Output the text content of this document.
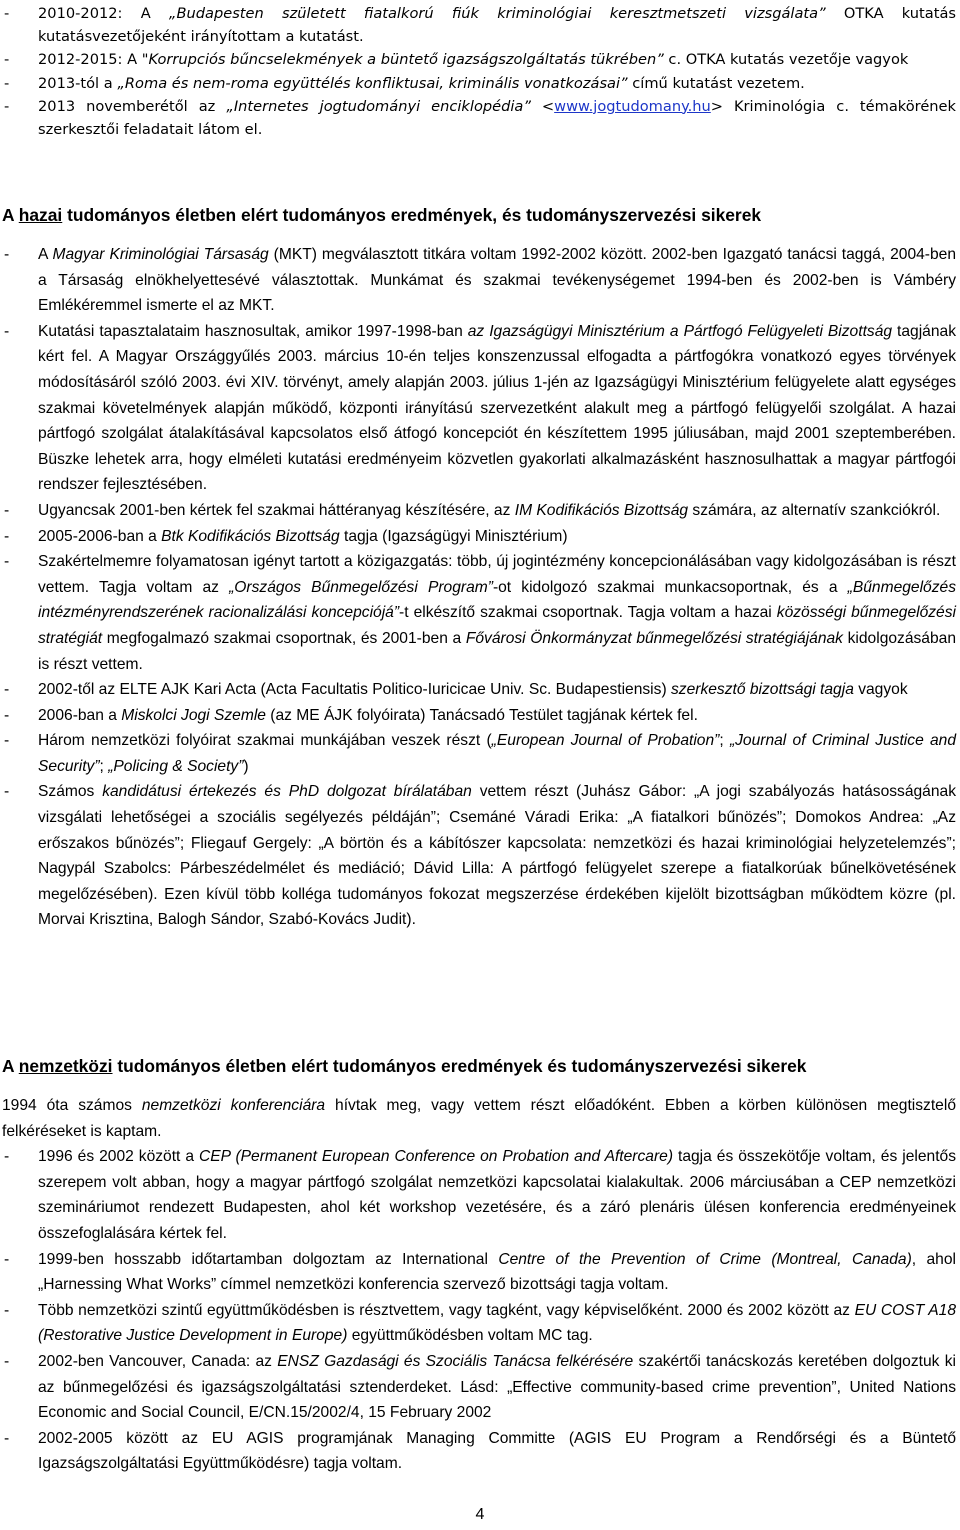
- 2010-2012: A „Budapesten született fiatalkorú fiúk kriminológiai keresztmetszeti vizsgálata” OTKA kutatás kutatásvezetőjeként irányítottam a kutatást.
- 2012-2015: A "Korrupciós bűncselekmények a büntető igazságszolgáltatás tükrében” c. OTKA kutatás vezetője vagyok
- 2013-tól a „Roma és nem-roma együttélés konfliktusai, kriminális vonatkozásai” című kutatást vezetem.
- 2013 novemberétől az „Internetes jogtudományi enciklopédia” <www.jogtudomany.hu> Kriminológia c. témakörének szerkesztői feladatait látom el.
A hazai tudományos életben elért tudományos eredmények, és tudományszervezési sikerek
- A Magyar Kriminológiai Társaság (MKT) megválasztott titkára voltam 1992-2002 között. 2002-ben Igazgató tanácsi taggá, 2004-ben a Társaság elnökhelyettesévé választottak. Munkámat és szakmai tevékenységemet 1994-ben és 2002-ben is Vámbéry Emlékéremmel ismerte el az MKT.
- Kutatási tapasztalataim hasznosultak, amikor 1997-1998-ban az Igazságügyi Minisztérium a Pártfogó Felügyeleti Bizottság tagjának kért fel. A Magyar Országgyűlés 2003. március 10-én teljes konszenzussal elfogadta a pártfogókra vonatkozó egyes törvények módosításáról szóló 2003. évi XIV. törvényt, amely alapján 2003. július 1-jén az Igazságügyi Minisztérium felügyelete alatt egységes szakmai követelmények alapján működő, központi irányítású szervezetként alakult meg a pártfogó felügyelői szolgálat. A hazai pártfogó szolgálat átalakításával kapcsolatos első átfogó koncepciót én készítettem 1995 júliusában, majd 2001 szeptemberében. Büszke lehetek arra, hogy elméleti kutatási eredményeim közvetlen gyakorlati alkalmazásként hasznosulhattak a magyar pártfogói rendszer fejlesztésében.
- Ugyancsak 2001-ben kértek fel szakmai háttéranyag készítésére, az IM Kodifikációs Bizottság számára, az alternatív szankciókról.
- 2005-2006-ban a Btk Kodifikációs Bizottság tagja (Igazságügyi Minisztérium)
- Szakértelmemre folyamatosan igényt tartott a közigazgatás: több, új jogintézmény koncepcionálásában vagy kidolgozásában is részt vettem. Tagja voltam az „Országos Bűnmegelőzési Program”-ot kidolgozó szakmai munkacsoportnak, és a „Bűnmegelőzés intézményrendszerének racionalizálási koncepciójá”-t elkészítő szakmai csoportnak. Tagja voltam a hazai közösségi bűnmegelőzési stratégiát megfogalmazó szakmai csoportnak, és 2001-ben a Fővárosi Önkormányzat bűnmegelőzési stratégiájának kidolgozásában is részt vettem.
- 2002-től az ELTE AJK Kari Acta (Acta Facultatis Politico-Iuricicae Univ. Sc. Budapestiensis) szerkesztő bizottsági tagja vagyok
- 2006-ban a Miskolci Jogi Szemle (az ME ÁJK folyóirata) Tanácsadó Testület tagjának kértek fel.
- Három nemzetközi folyóirat szakmai munkájában veszek részt („European Journal of Probation”; „Journal of Criminal Justice and Security”; „Policing & Society”)
- Számos kandidátusi értekezés és PhD dolgozat bírálatában vettem részt (Juhász Gábor: „A jogi szabályozás hatásosságának vizsgálati lehetőségei a szociális segélyezés példáján”; Csemáné Váradi Erika: „A fiatalkori bűnözés”; Domokos Andrea: „Az erőszakos bűnözés”; Fliegauf Gergely: „A börtön és a kábítószer kapcsolata: nemzetközi és hazai kriminológiai helyzetelemzés”; Nagypál Szabolcs: Párbeszédelmélet és mediáció; Dávid Lilla: A pártfogó felügyelet szerepe a fiatalkorúak bűnelkövetésének megelőzésében). Ezen kívül több kollégа tudományos fokozat megszerzése érdekében kijelölt bizottságban működtem közre (pl. Morvai Krisztina, Balogh Sándor, Szabó-Kovács Judit).
A nemzetközi tudományos életben elért tudományos eredmények és tudományszervezési sikerek

1994 óta számos nemzetközi konferenciára hívtak meg, vagy vettem részt előadóként. Ebben a körben különösen megtisztelő felkéréseket is kaptam.

- 1996 és 2002 között a CEP (Permanent European Conference on Probation and Aftercare) tagja és összekötője voltam, és jelentős szerepem volt abban, hogy a magyar pártfogó szolgálat nemzetközi kapcsolatai kialakultak. 2006 márciusában a CEP nemzetközi szemináriumot rendezett Budapesten, ahol két workshop vezetésére, és a záró plenáris ülésen konferencia eredményeinek összefoglalására kértek fel.
- 1999-ben hosszabb időtartamban dolgoztam az International Centre of the Prevention of Crime (Montreal, Canada), ahol „Harnessing What Works” címmel nemzetközi konferencia szervező bizottsági tagja voltam.
- Több nemzetközi szintű együttműködésben is résztvettem, vagy tagként, vagy képviselőként. 2000 és 2002 között az EU COST A18 (Restorative Justice Development in Europe) együttműködésben voltam MC tag.
- 2002-ben Vancouver, Canada: az ENSZ Gazdasági és Szociális Tanácsa felkérésére szakértői tanácskozás keretében dolgoztuk ki az bűnmegelőzési és igazságszolgáltatási sztenderdeket. Lásd: „Effective community-based crime prevention”, United Nations Economic and Social Council, E/CN.15/2002/4, 15 February 2002
- 2002-2005 között az EU AGIS programjának Managing Committe (AGIS EU Program a Rendőrségi és a Büntető Igazságszolgáltatási Együttműködésre) tagja voltam.
4
